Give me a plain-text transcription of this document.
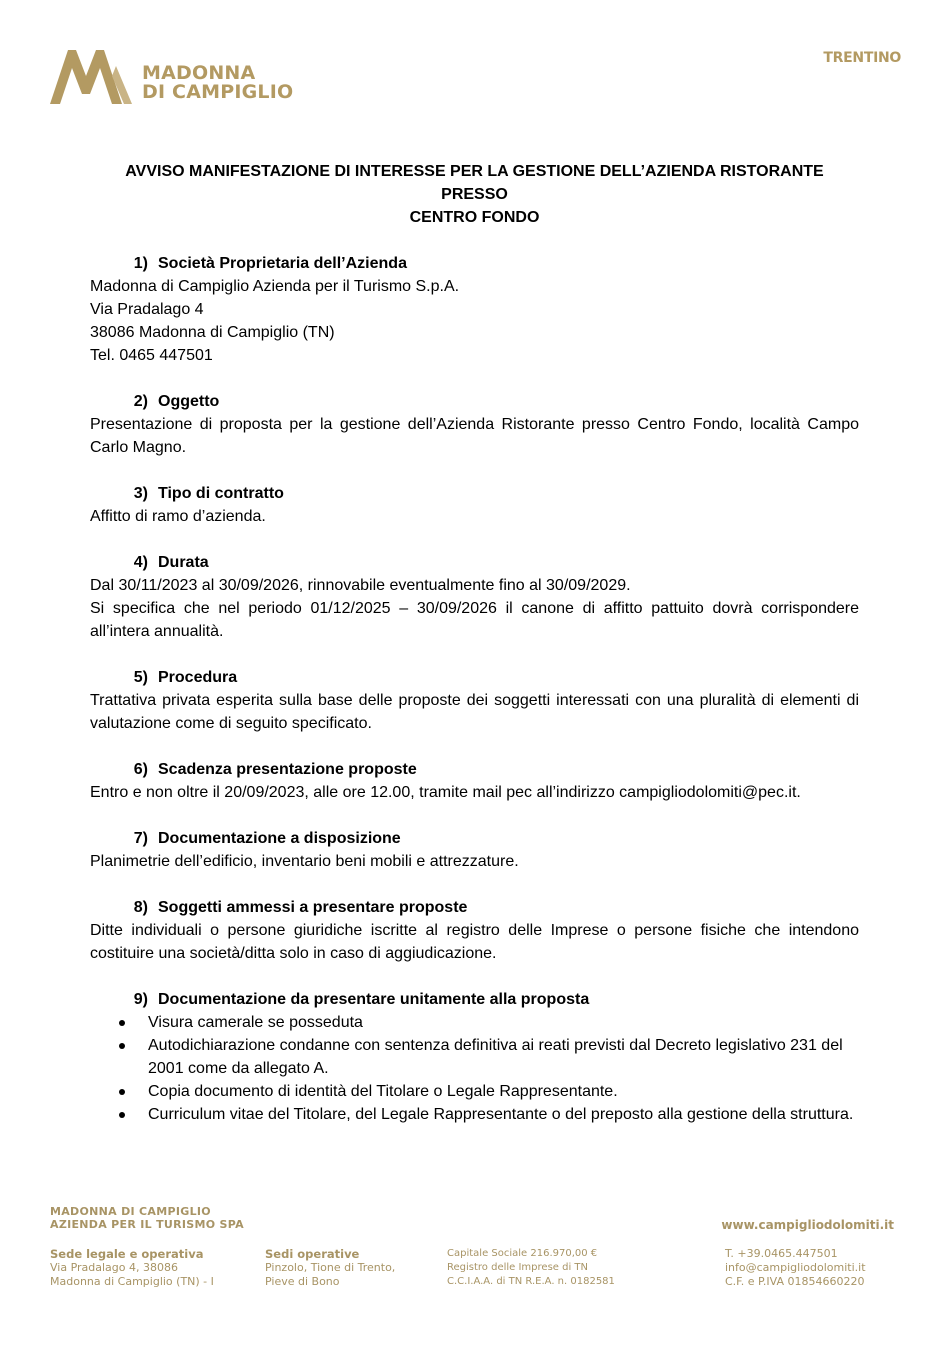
MADONNA
DI CAMPIGLIO
TRENTINO
AVVISO MANIFESTAZIONE DI INTERESSE PER LA GESTIONE DELL’AZIENDA RISTORANTE PRESSO
CENTRO FONDO
1) Società Proprietaria dell’Azienda
Madonna di Campiglio Azienda per il Turismo S.p.A.
Via Pradalago 4
38086 Madonna di Campiglio (TN)
Tel. 0465 447501
2) Oggetto
Presentazione di proposta per la gestione dell’Azienda Ristorante presso Centro Fondo, località Campo Carlo Magno.
3) Tipo di contratto
Affitto di ramo d’azienda.
4) Durata
Dal 30/11/2023 al 30/09/2026, rinnovabile eventualmente fino al 30/09/2029.
Si specifica che nel periodo 01/12/2025 – 30/09/2026 il canone di affitto pattuito dovrà corrispondere all’intera annualità.
5) Procedura
Trattativa privata esperita sulla base delle proposte dei soggetti interessati con una pluralità di elementi di valutazione come di seguito specificato.
6) Scadenza presentazione proposte
Entro e non oltre il 20/09/2023, alle ore 12.00, tramite mail pec all’indirizzo campigliodolomiti@pec.it.
7) Documentazione a disposizione
Planimetrie dell’edificio, inventario beni mobili e attrezzature.
8) Soggetti ammessi a presentare proposte
Ditte individuali o persone giuridiche iscritte al registro delle Imprese o persone fisiche che intendono costituire una società/ditta solo in caso di aggiudicazione.
9) Documentazione da presentare unitamente alla proposta
Visura camerale se posseduta
Autodichiarazione condanne con sentenza definitiva ai reati previsti dal Decreto legislativo 231 del 2001 come da allegato A.
Copia documento di identità del Titolare o Legale Rappresentante.
Curriculum vitae del Titolare, del Legale Rappresentante o del preposto alla gestione della struttura.
MADONNA DI CAMPIGLIO
AZIENDA PER IL TURISMO SPA	www.campigliodolomiti.it
Sede legale e operativa
Via Pradalago 4, 38086
Madonna di Campiglio (TN) - I
Sedi operative
Pinzolo, Tione di Trento,
Pieve di Bono
Capitale Sociale 216.970,00 €
Registro delle Imprese di TN
C.C.I.A.A. di TN R.E.A. n. 0182581
T. +39.0465.447501
info@campigliodolomiti.it
C.F. e P.IVA 01854660220
